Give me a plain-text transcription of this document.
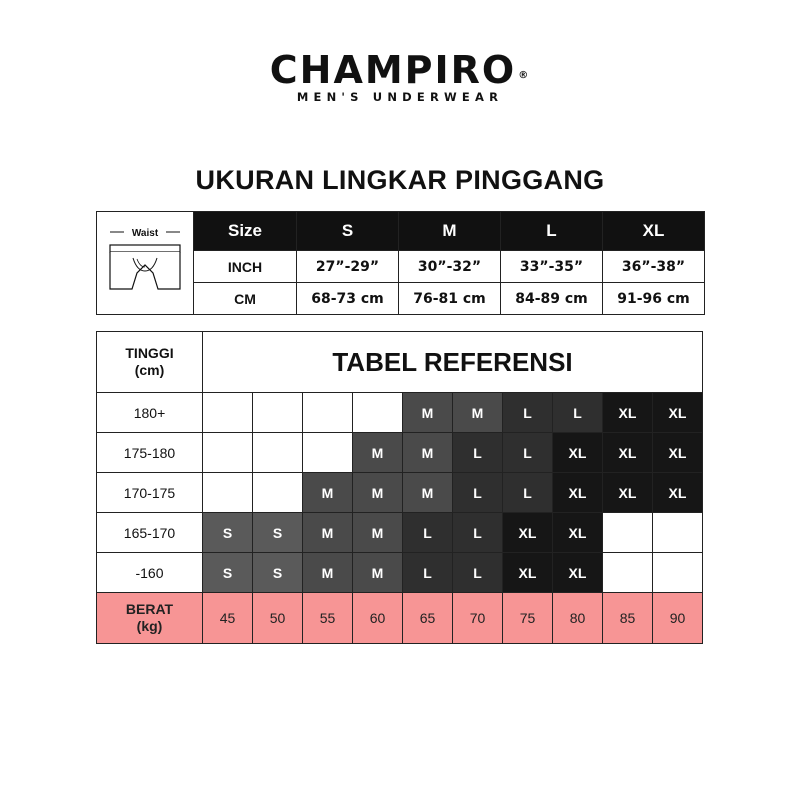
CHAMPIRO ®
MEN'S UNDERWEAR
UKURAN LINGKAR PINGGANG
Waist	Size	S	M	L	XL
	INCH	27”-29”	30”-32”	33”-35”	36”-38”
	CM	68-73 cm	76-81 cm	84-89 cm	91-96 cm
TINGGI
(cm)	TABEL REFERENSI									
180+					M	M	L	L	XL	XL
175-180				M	M	L	L	XL	XL	XL
170-175			M	M	M	L	L	XL	XL	XL
165-170	S	S	M	M	L	L	XL	XL		
-160	S	S	M	M	L	L	XL	XL		
BERAT
(kg)	45	50	55	60	65	70	75	80	85	90
